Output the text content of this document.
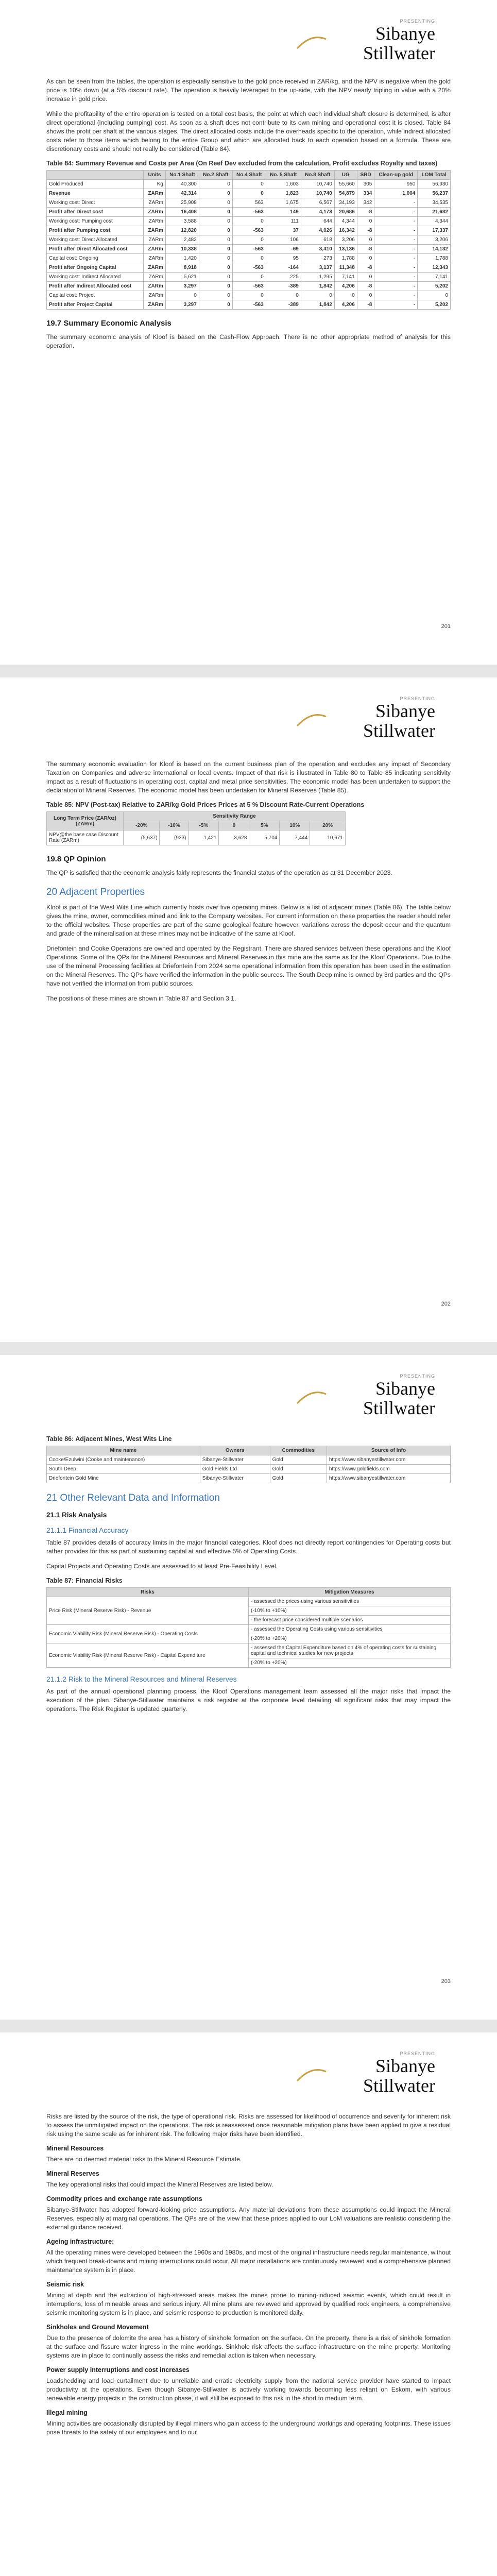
PRESENTING
Sibanye
Stillwater

As can be seen from the tables, the operation is especially sensitive to the gold price received in ZAR/kg, and the NPV is negative when the gold price is 10% down (at a 5% discount rate). The operation is heavily leveraged to the up-side, with the NPV nearly tripling in value with a 20% increase in gold price.

While the profitability of the entire operation is tested on a total cost basis, the point at which each individual shaft closure is determined, is after direct operational (including pumping) cost. As soon as a shaft does not contribute to its own mining and operational cost it is closed. Table 84 shows the profit per shaft at the various stages. The direct allocated costs include the overheads specific to the operation, while indirect allocated costs refer to those items which belong to the entire Group and which are allocated back to each operation based on a formula. These are discretionary costs and should not really be considered (Table 84).

Table 84: Summary Revenue and Costs per Area (On Reef Dev excluded from the calculation, Profit excludes Royalty and taxes)
	Units	No.1 Shaft	No.2 Shaft	No.4 Shaft	No. 5 Shaft	No.8 Shaft	UG	SRD	Clean-up gold	LOM Total
Gold Produced	Kg	40,300	0	0	1,603	10,740	55,660	305	950	56,930
Revenue	ZARm	42,314	0	0	1,823	10,740	54,879	334	1,004	56,237
Working cost: Direct	ZARm	25,908	0	563	1,675	6,567	34,193	342	-	34,535
Profit after Direct cost	ZARm	16,408	0	-563	149	4,173	20,686	-8	-	21,682
Working cost: Pumping cost	ZARm	3,588	0	0	111	644	4,344	0	-	4,344
Profit after Pumping cost	ZARm	12,820	0	-563	37	4,026	16,342	-8	-	17,337
Working cost: Direct Allocated	ZARm	2,482	0	0	106	618	3,206	0	-	3,206
Profit after Direct Allocated cost	ZARm	10,338	0	-563	-69	3,410	13,136	-8	-	14,132
Capital cost: Ongoing	ZARm	1,420	0	0	95	273	1,788	0	-	1,788
Profit after Ongoing Capital	ZARm	8,918	0	-563	-164	3,137	11,348	-8	-	12,343
Working cost: Indirect Allocated	ZARm	5,621	0	0	225	1,295	7,141	0	-	7,141
Profit after Indirect Allocated cost	ZARm	3,297	0	-563	-389	1,842	4,206	-8	-	5,202
Capital cost: Project	ZARm	0	0	0	0	0	0	0	-	0
Profit after Project Capital	ZARm	3,297	0	-563	-389	1,842	4,206	-8	-	5,202
19.7 Summary Economic Analysis

The summary economic analysis of Kloof is based on the Cash-Flow Approach. There is no other appropriate method of analysis for this operation.

201
PRESENTING
Sibanye
Stillwater

The summary economic evaluation for Kloof is based on the current business plan of the operation and excludes any impact of Secondary Taxation on Companies and adverse international or local events. Impact of that risk is illustrated in Table 80 to Table 85 indicating sensitivity impact as a result of fluctuations in operating cost, capital and metal price sensitivities. The economic model has been undertaken to support the declaration of Mineral Reserves. The economic model has been undertaken for Mineral Reserves (Table 85).

Table 85: NPV (Post-tax) Relative to ZAR/kg Gold Prices Prices at 5 % Discount Rate-Current Operations
Long Term Price (ZAR/oz) (ZARm)	Sensitivity Range						
	-20%	-10%	-5%	0	5%	10%	20%
NPV@the base case Discount Rate (ZARm)	(5,637)	(933)	1,421	3,628	5,704	7,444	10,671
19.8 QP Opinion

The QP is satisfied that the economic analysis fairly represents the financial status of the operation as at 31 December 2023.

20 Adjacent Properties

Kloof is part of the West Wits Line which currently hosts over five operating mines. Below is a list of adjacent mines (Table 86). The table below gives the mine, owner, commodities mined and link to the Company websites. For current information on these properties the reader should refer to the official websites. These properties are part of the same geological feature however, variations across the deposit occur and the quantum and grade of the mineralisation at these mines may not be indicative of the same at Kloof.

Driefontein and Cooke Operations are owned and operated by the Registrant. There are shared services between these operations and the Kloof Operations. Some of the QPs for the Mineral Resources and Mineral Reserves in this mine are the same as for the Kloof Operations. Due to the use of the mineral Processing facilities at Driefontein from 2024 some operational information from this operation has been used in the estimation on the Mineral Reserves. The QPs have verified the information in the public sources. The South Deep mine is owned by 3rd parties and the QPs have not verified the information from public sources.

The positions of these mines are shown in Table 87 and Section 3.1.

202
PRESENTING
Sibanye
Stillwater
Table 86: Adjacent Mines, West Wits Line
Mine name	Owners	Commodities	Source of Info
Cooke/Ezulwini (Cooke and maintenance)	Sibanye-Stillwater	Gold	https://www.sibanyestillwater.com
South Deep	Gold Fields Ltd	Gold	https://www.goldfields.com
Driefontein Gold Mine	Sibanye-Stillwater	Gold	https://www.sibanyestillwater.com
21 Other Relevant Data and Information
21.1 Risk Analysis
21.1.1 Financial Accuracy

Table 87 provides details of accuracy limits in the major financial categories. Kloof does not directly report contingencies for Operating costs but rather provides for this as part of sustaining capital at and effective 5% of Operating Costs.

Capital Projects and Operating Costs are assessed to at least Pre-Feasibility Level.

Table 87: Financial Risks
Risks	Mitigation Measures
Price Risk (Mineral Reserve Risk) - Revenue	- assessed the prices using various sensitivities
	(-10% to +10%)
	- the forecast price considered multiple scenarios
Economic Viability Risk (Mineral Reserve Risk) - Operating Costs	- assessed the Operating Costs using various sensitivities
	(-20% to +20%)
Economic Viability Risk (Mineral Reserve Risk) - Capital Expenditure	- assessed the Capital Expenditure based on 4% of operating costs for sustaining capital and technical studies for new projects
	(-20% to +20%)
21.1.2 Risk to the Mineral Resources and Mineral Reserves

As part of the annual operational planning process, the Kloof Operations management team assessed all the major risks that impact the execution of the plan. Sibanye-Stillwater maintains a risk register at the corporate level detailing all significant risks that may impact the operations. The Risk Register is updated quarterly.

203
PRESENTING
Sibanye
Stillwater

Risks are listed by the source of the risk, the type of operational risk. Risks are assessed for likelihood of occurrence and severity for inherent risk to assess the unmitigated impact on the operations. The risk is reassessed once reasonable mitigation plans have been applied to give a residual risk using the same scale as for inherent risk. The following major risks have been identified.

Mineral Resources

There are no deemed material risks to the Mineral Resource Estimate.

Mineral Reserves

The key operational risks that could impact the Mineral Reserves are listed below.

Commodity prices and exchange rate assumptions

Sibanye-Stillwater has adopted forward-looking price assumptions. Any material deviations from these assumptions could impact the Mineral Reserves, especially at marginal operations. The QPs are of the view that these prices applied to our LoM valuations are realistic considering the external guidance received.

Ageing infrastructure:

All the operating mines were developed between the 1960s and 1980s, and most of the original infrastructure needs regular maintenance, without which frequent break-downs and mining interruptions could occur. All major installations are continuously reviewed and a comprehensive planned maintenance system is in place.

Seismic risk

Mining at depth and the extraction of high-stressed areas makes the mines prone to mining-induced seismic events, which could result in interruptions, loss of mineable areas and serious injury. All mine plans are reviewed and approved by qualified rock engineers, a comprehensive seismic monitoring system is in place, and seismic response to production is monitored daily.

Sinkholes and Ground Movement

Due to the presence of dolomite the area has a history of sinkhole formation on the surface. On the property, there is a risk of sinkhole formation at the surface and fissure water ingress in the mine workings. Sinkhole risk affects the surface infrastructure on the mine property. Monitoring systems are in place to continually assess the risks and remedial action is taken when necessary.

Power supply interruptions and cost increases

Loadshedding and load curtailment due to unreliable and erratic electricity supply from the national service provider have started to impact productivity at the operations. Even though Sibanye-Stillwater is actively working towards becoming less reliant on Eskom, with various renewable energy projects in the construction phase, it will still be exposed to this risk in the short to medium term.

Illegal mining

Mining activities are occasionally disrupted by illegal miners who gain access to the underground workings and operating footprints. These issues pose threats to the safety of our employees and to our
